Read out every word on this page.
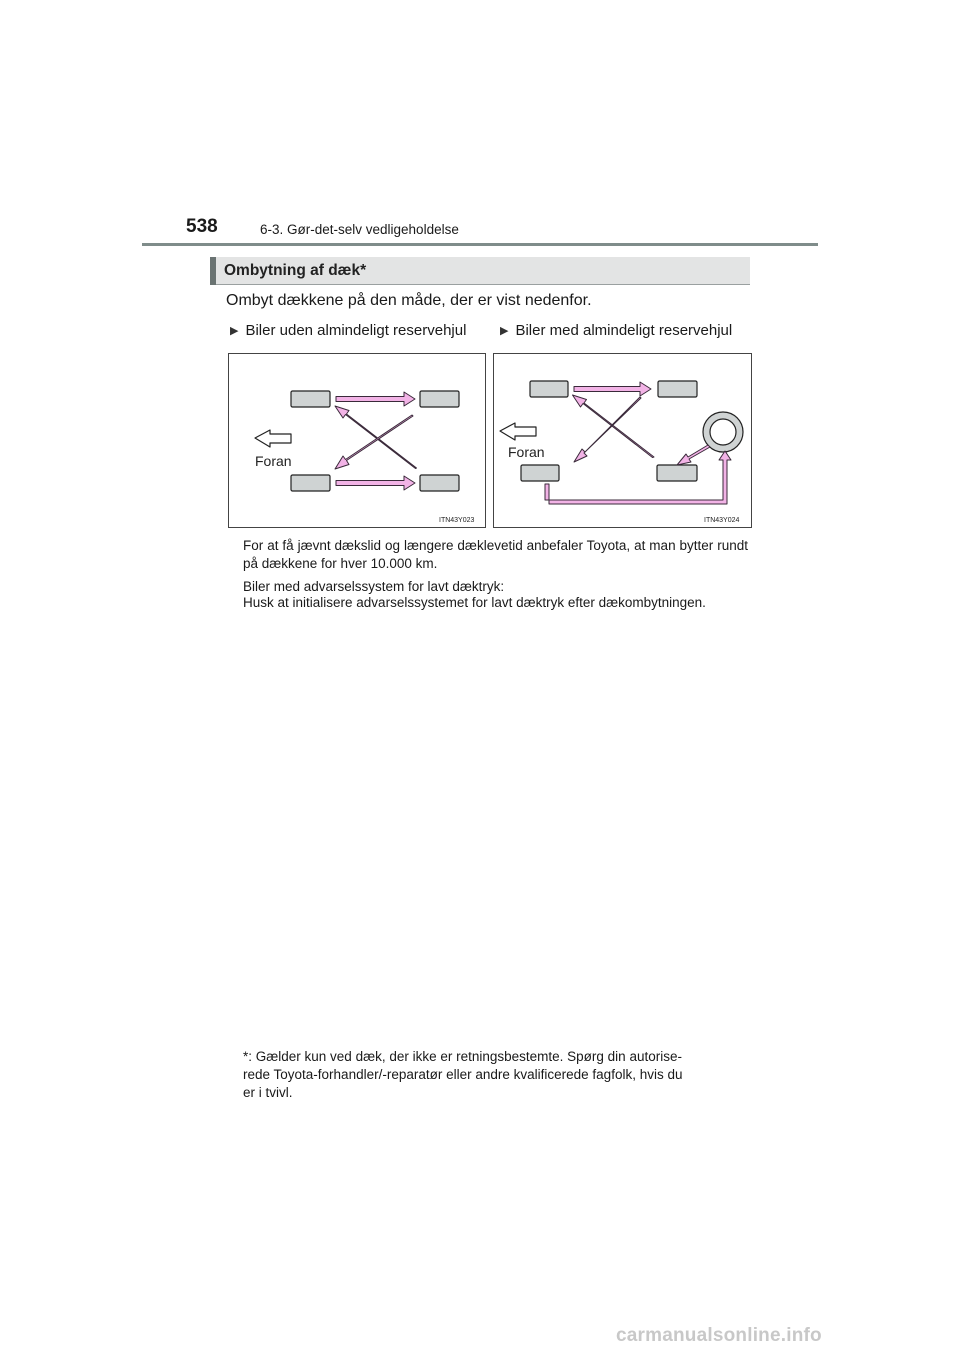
538	6-3. Gør-det-selv vedligeholdelse
Ombytning af dæk*
Ombyt dækkene på den måde, der er vist nedenfor.
▶ Biler uden almindeligt reservehjul	▶ Biler med almindeligt reservehjul
Foran
ITN43Y023
Foran
ITN43Y024
For at få jævnt dækslid og længere dæklevetid anbefaler Toyota, at man bytter rundt på dækkene for hver 10.000 km.
Biler med advarselssystem for lavt dæktryk:
Husk at initialisere advarselssystemet for lavt dæktryk efter dækombytningen.
*: Gælder kun ved dæk, der ikke er retningsbestemte. Spørg din autorise-
rede Toyota-forhandler/-reparatør eller andre kvalificerede fagfolk, hvis du
er i tvivl.
carmanualsonline.info
